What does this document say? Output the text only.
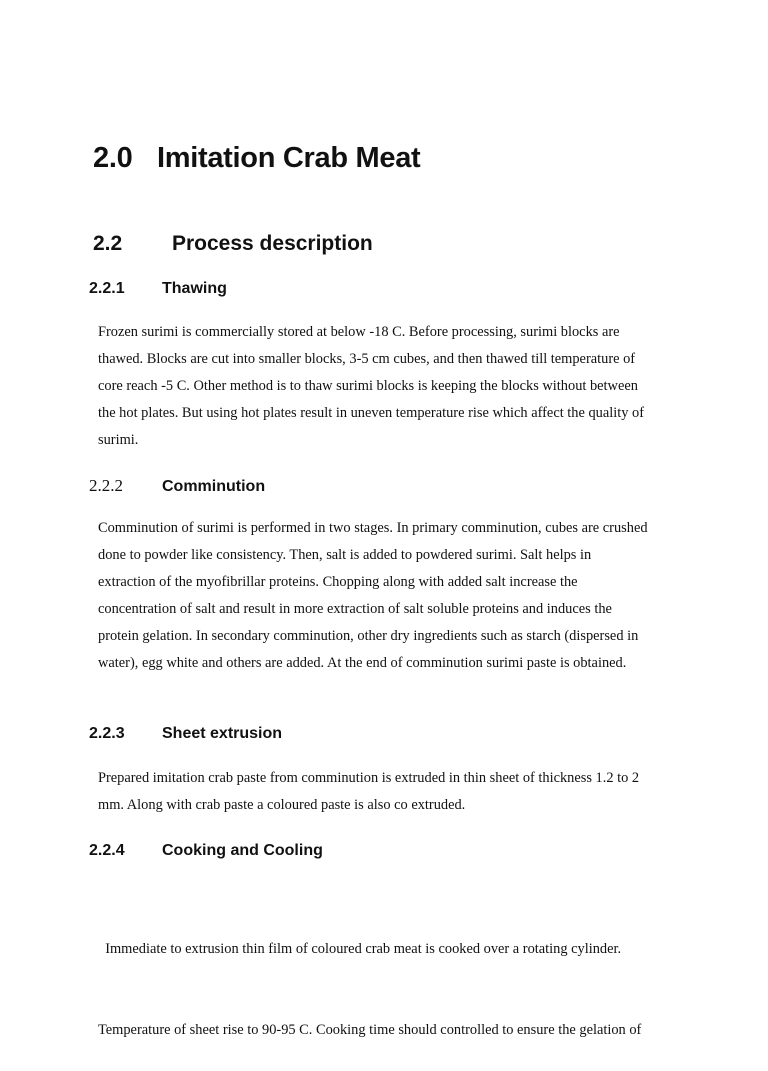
2.0 Imitation Crab Meat
2.2 Process description
2.2.1 Thawing
Frozen surimi is commercially stored at below -18 C. Before processing, surimi blocks are
thawed. Blocks are cut into smaller blocks, 3-5 cm cubes, and then thawed till temperature of
core reach -5 C. Other method is to thaw surimi blocks is keeping the blocks without between
the hot plates. But using hot plates result in uneven temperature rise which affect the quality of
surimi.
2.2.2 Comminution
Comminution of surimi is performed in two stages. In primary comminution, cubes are crushed
done to powder like consistency. Then, salt is added to powdered surimi. Salt helps in
extraction of the myofibrillar proteins. Chopping along with added salt increase the
concentration of salt and result in more extraction of salt soluble proteins and induces the
protein gelation. In secondary comminution, other dry ingredients such as starch (dispersed in
water), egg white and others are added. At the end of comminution surimi paste is obtained.
2.2.3 Sheet extrusion
Prepared imitation crab paste from comminution is extruded in thin sheet of thickness 1.2 to 2
mm. Along with crab paste a coloured paste is also co extruded.
2.2.4 Cooking and Cooling

Immediate to extrusion thin film of coloured crab meat is cooked over a rotating cylinder.

Temperature of sheet rise to 90-95 C. Cooking time should controlled to ensure the gelation of
